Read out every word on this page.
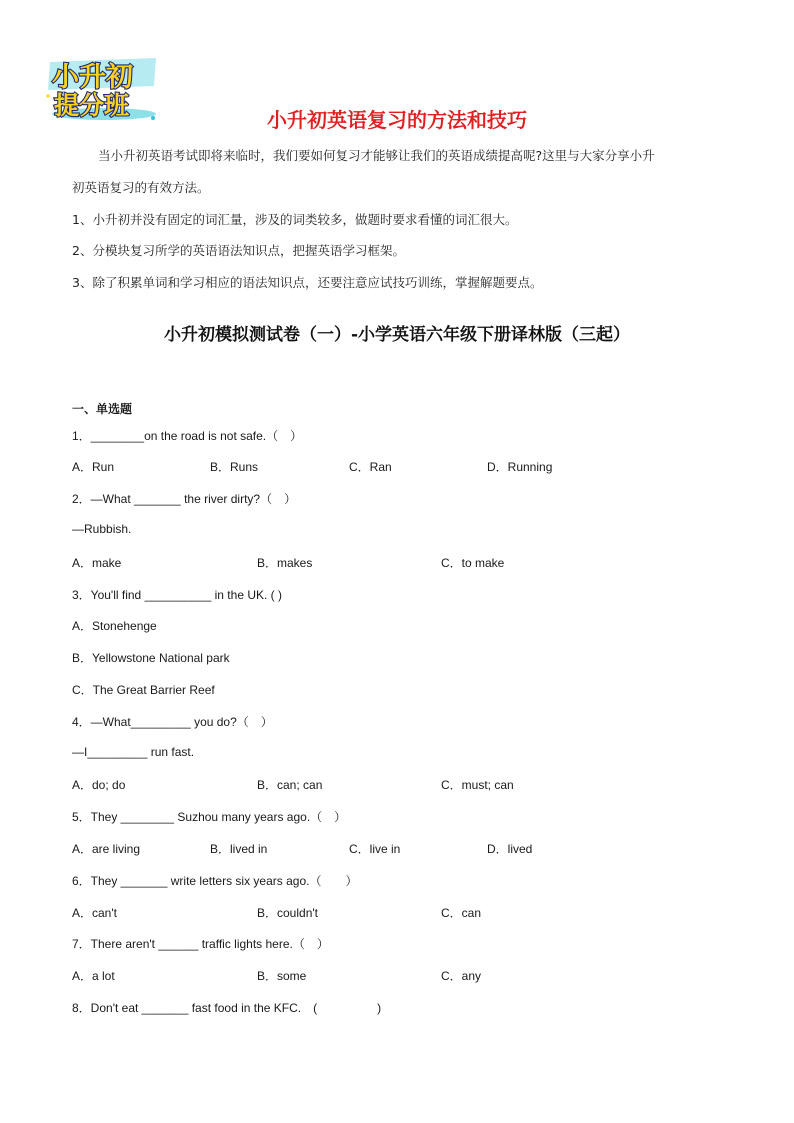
小升初
提分班	小升初英语复习的方法和技巧
当小升初英语考试即将来临时，我们要如何复习才能够让我们的英语成绩提高呢?这里与大家分享小升
初英语复习的有效方法。
1、小升初并没有固定的词汇量，涉及的词类较多，做题时要求看懂的词汇很大。
2、分模块复习所学的英语语法知识点，把握英语学习框架。
3、除了积累单词和学习相应的语法知识点，还要注意应试技巧训练，掌握解题要点。
小升初模拟测试卷（一）-小学英语六年级下册译林版（三起）
一、单选题
1．________on the road is not safe.（　）
A．Run	B．Runs	C．Ran	D．Running
2．—What _______ the river dirty?（　）
—Rubbish.
A．make	B．makes	C．to make
3．You'll find __________ in the UK. ( )
A．Stonehenge
B．Yellowstone National park
C．The Great Barrier Reef
4．—What_________ you do?（　）
—I_________ run fast.
A．do; do	B．can; can	C．must; can
5．They ________ Suzhou many years ago.（　）
A．are living	B．lived in	C．live in	D．lived
6．They _______ write letters six years ago.（　　）
A．can't	B．couldn't	C．can
7．There aren't ______ traffic lights here.（　）
A．a lot	B．some	C．any
8．Don't eat _______ fast food in the KFC.　(　　　　　)
